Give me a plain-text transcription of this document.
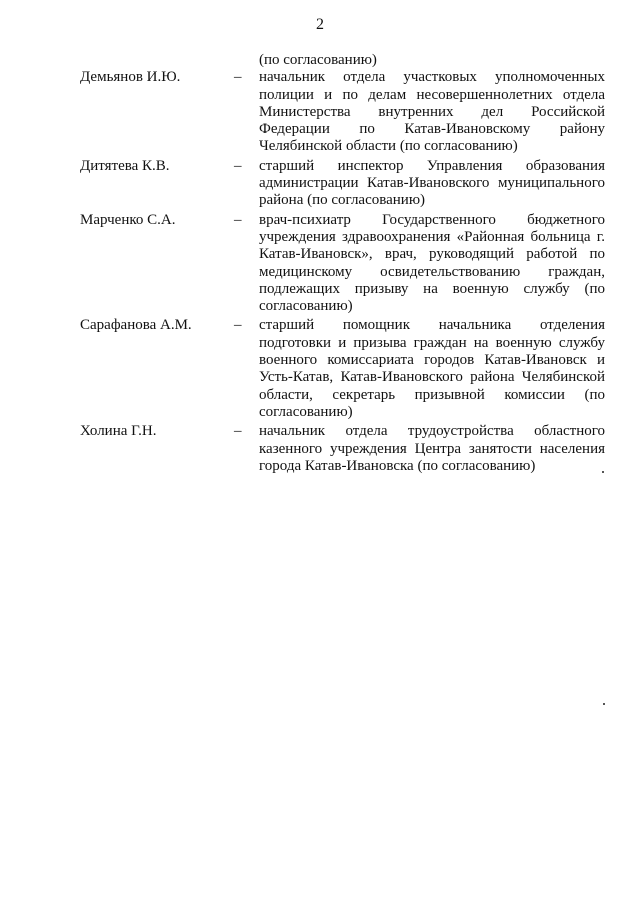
2
(по согласованию)
Демьянов И.Ю.	– начальник отдела участковых уполномоченных полиции и по делам несовершеннолетних отдела Министерства внутренних дел Российской Федерации по Катав-Ивановскому району Челябинской области (по согласованию)
Дитятева К.В.	– старший инспектор Управления образования администрации Катав-Ивановского муниципального района (по согласованию)
Марченко С.А.	– врач-психиатр Государственного бюджетного учреждения здравоохранения «Районная больница г. Катав-Ивановск», врач, руководящий работой по медицинскому освидетельствованию граждан, подлежащих призыву на военную службу (по согласованию)
Сарафанова А.М.	– старший помощник начальника отделения подготовки и призыва граждан на военную службу военного комиссариата городов Катав-Ивановск и Усть-Катав, Катав-Ивановского района Челябинской области, секретарь призывной комиссии (по согласованию)
Холина Г.Н.	– начальник отдела трудоустройства областного казенного учреждения Центра занятости населения города Катав-Ивановска (по согласованию)
